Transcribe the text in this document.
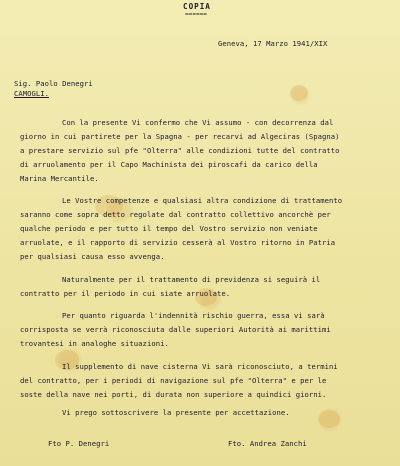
COPIA
======
Geneva, 17 Marzo 1941/XIX
Sig. Paolo Denegri
CAMOGLI.
Con la presente Vi confermo che Vi assumo - con decorrenza dal
giorno in cui partirete per la Spagna - per recarvi ad Algeciras (Spagna)
a prestare servizio sul pfe "Olterra" alle condizioni tutte del contratto
di arruolamento per il Capo Machinista dei piroscafi da carico della
Marina Mercantile.
Le Vostre competenze e qualsiasi altra condizione di trattamento
saranno come sopra detto regolate dal contratto collettivo ancorchè per
qualche periodo e per tutto il tempo del Vostro servizio non veniate
arruolate, e il rapporto di servizio cesserà al Vostro ritorno in Patria
per qualsiasi causa esso avvenga.
Naturalmente per il trattamento di previdenza si seguirà il
contratto per il periodo in cui siate arruolate.
Per quanto riguarda l'indennità rischio guerra, essa vi sarà
corrisposta se verrà riconosciuta dalle superiori Autorità ai marittimi
trovantesi in analoghe situazioni.
Il supplemento di nave cisterna Vi sarà riconosciuto, a termini
del contratto, per i periodi di navigazione sul pfe "Olterra" e per le
soste della nave nei porti, di durata non superiore a quindici giorni.
Vi prego sottoscrivere la presente per accettazione.
Fto P. Denegri	Fto. Andrea Zanchi
